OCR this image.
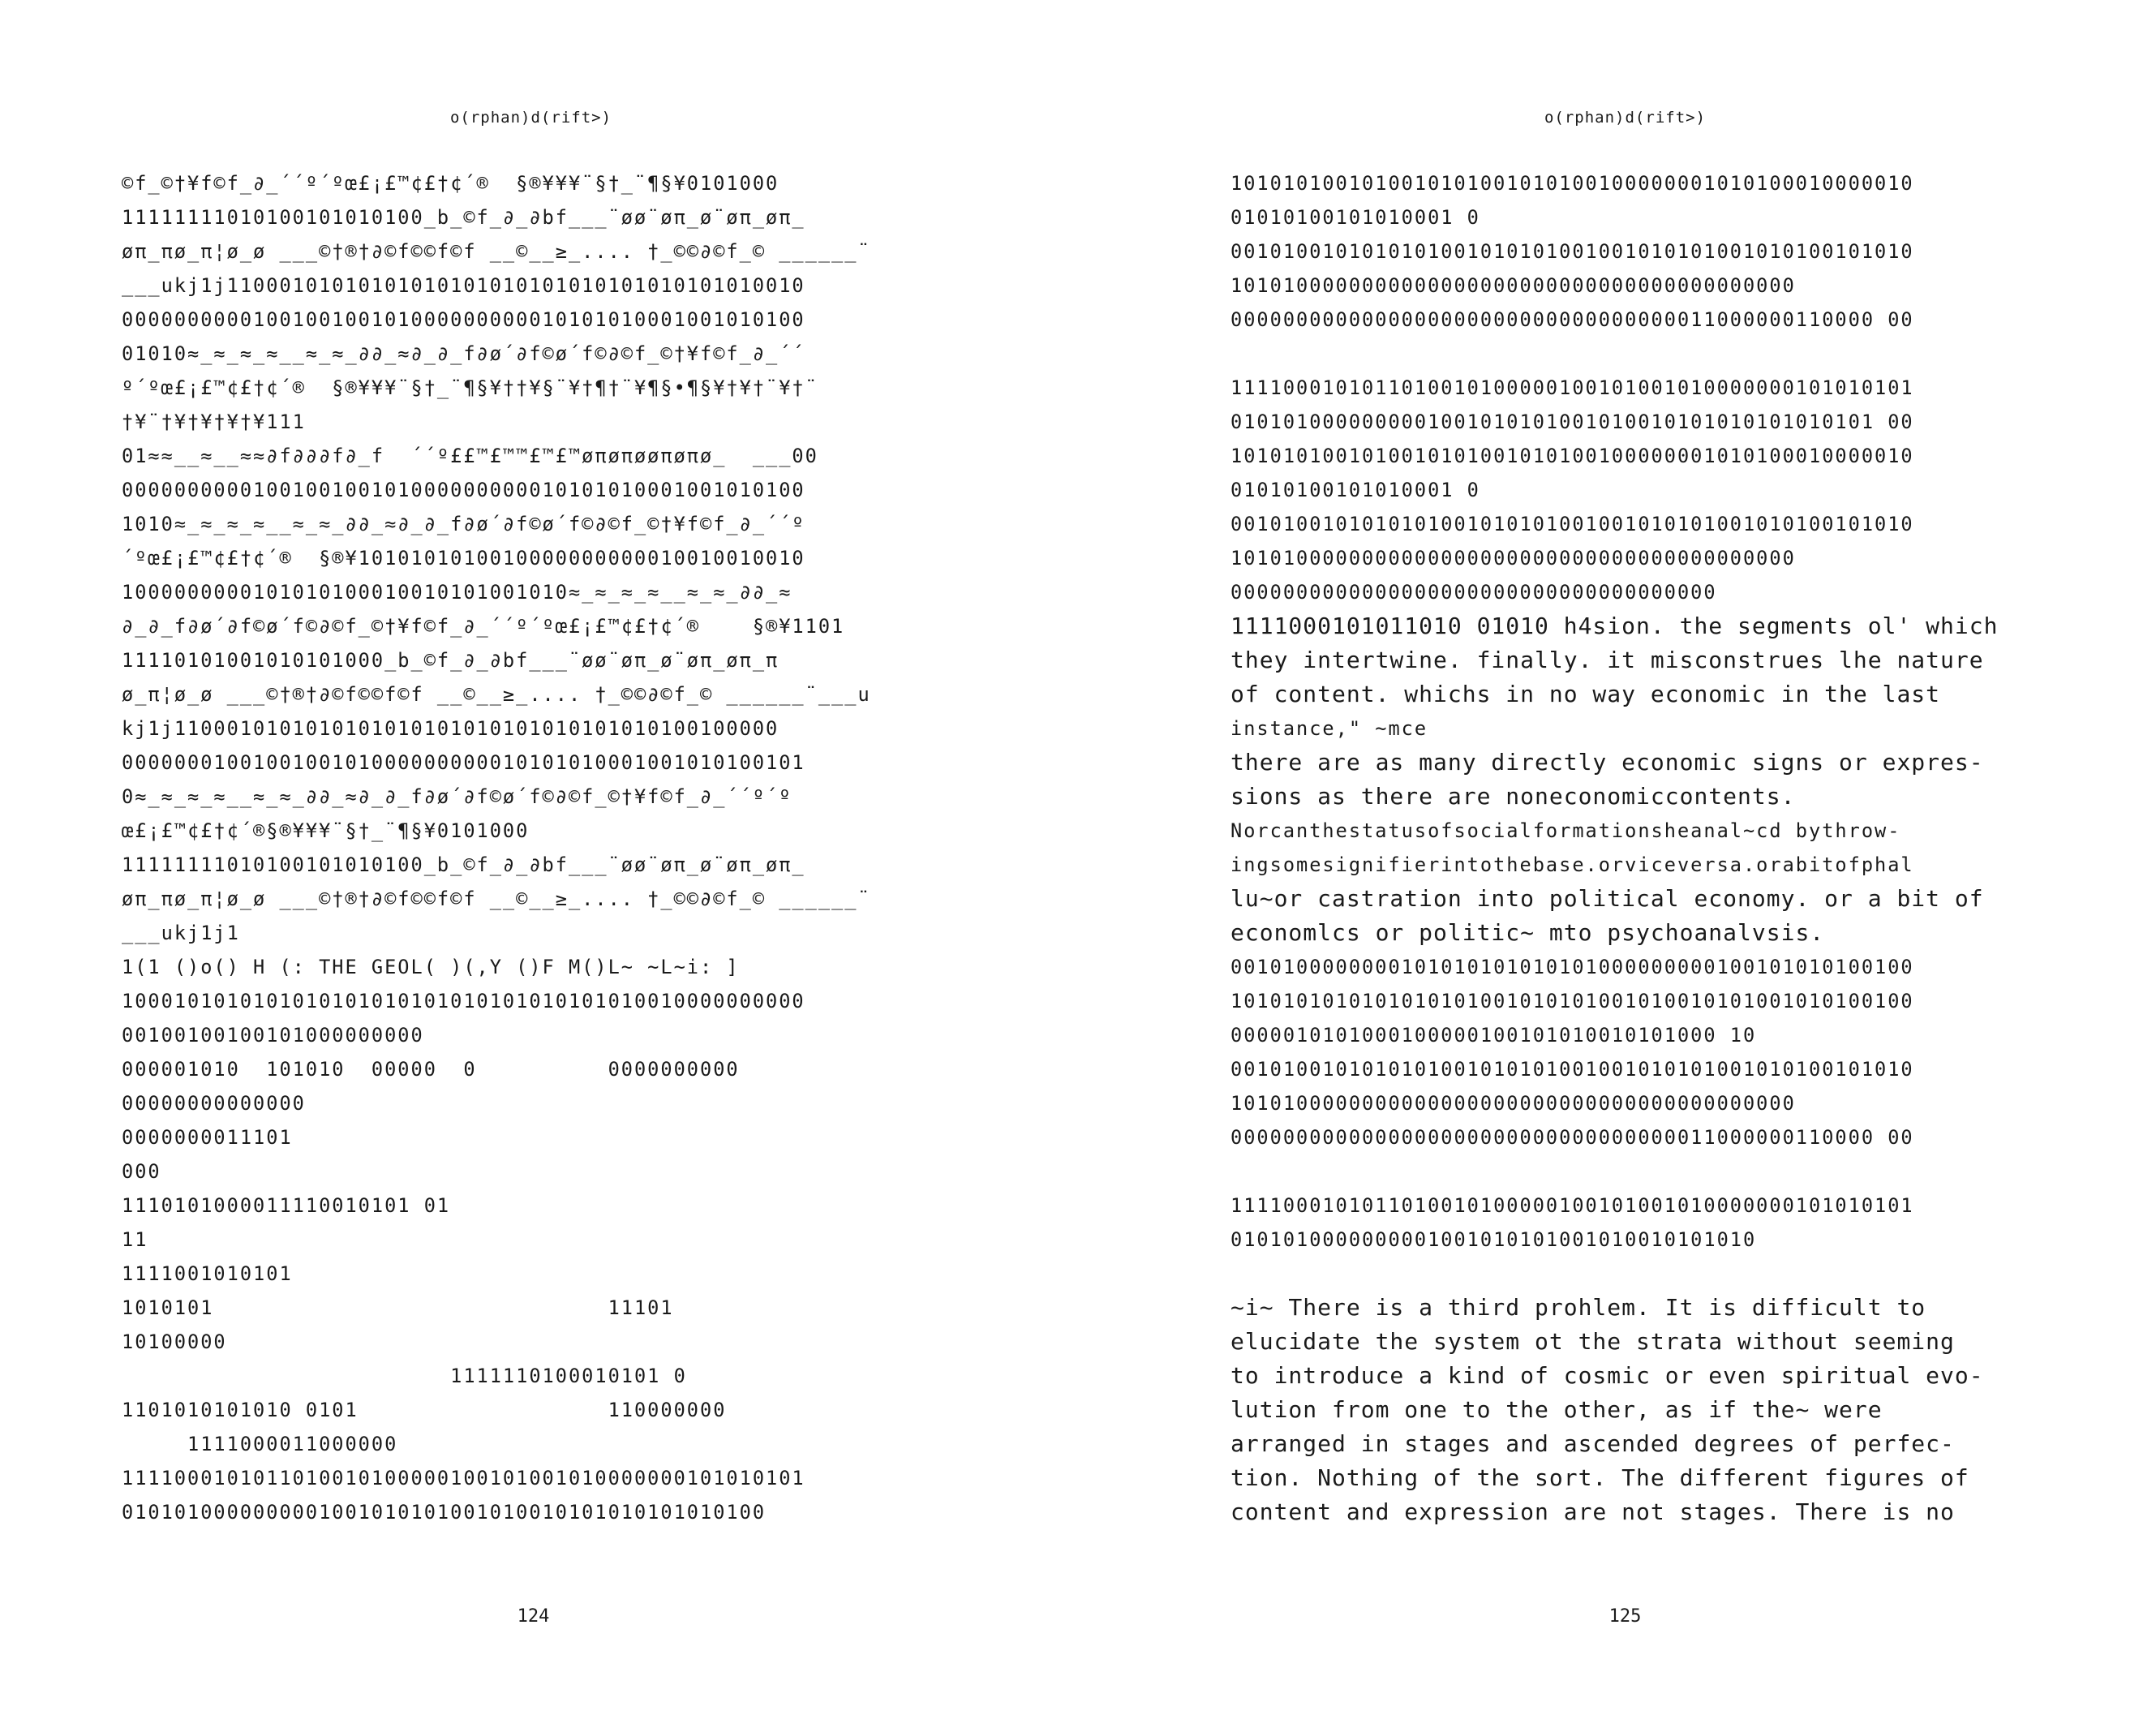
o(rphan)d(rift>)
©f_©†¥f©f_∂_´´º´ºœ£¡£™¢£†¢´®  §®¥¥¥¨§†_¨¶§¥0101000
11111111010100101010100_b_©f_∂_∂bf___¨øø¨øπ_ø¨øπ_øπ_
øπ_πø_π¦ø_ø ___©†®†∂©f©©f©f __©__≥_.... †_©©∂©f_© ______¨
___ukj1j11000101010101010101010101010101010101010010
0000000000100100100101000000000010101010001001010100
01010≈_≈_≈_≈__≈_≈_∂∂_≈∂_∂_f∂ø´∂f©ø´f©∂©f_©†¥f©f_∂_´´
º´ºœ£¡£™¢£†¢´®  §®¥¥¥¨§†_¨¶§¥††¥§¨¥†¶†¨¥¶§•¶§¥†¥†¨¥†¨
†¥¨†¥†¥†¥†¥111
01≈≈__≈__≈≈∂f∂∂∂f∂_f  ´´º££™£™™£™£™øπøπøøπøπø_  ___00
0000000000100100100101000000000010101010001001010100
1010≈_≈_≈_≈__≈_≈_∂∂_≈∂_∂_f∂ø´∂f©ø´f©∂©f_©†¥f©f_∂_´´º
´ºœ£¡£™¢£†¢´®  §®¥1010101010010000000000010010010010
1000000000101010100010010101001010≈_≈_≈_≈__≈_≈_∂∂_≈
∂_∂_f∂ø´∂f©ø´f©∂©f_©†¥f©f_∂_´´º´ºœ£¡£™¢£†¢´®    §®¥1101
11110101001010101000_b_©f_∂_∂bf___¨øø¨øπ_ø¨øπ_øπ_π
ø_π¦ø_ø ___©†®†∂©f©©f©f __©__≥_.... †_©©∂©f_© ______¨___u
kj1j1100010101010101010101010101010101010100100000
0000000100100100101000000000010101010001001010100101
0≈_≈_≈_≈__≈_≈_∂∂_≈∂_∂_f∂ø´∂f©ø´f©∂©f_©†¥f©f_∂_´´º´º
œ£¡£™¢£†¢´®§®¥¥¥¨§†_¨¶§¥0101000
11111111010100101010100_b_©f_∂_∂bf___¨øø¨øπ_ø¨øπ_øπ_
øπ_πø_π¦ø_ø ___©†®†∂©f©©f©f __©__≥_.... †_©©∂©f_© ______¨
___ukj1j1
1(1 ()o() H (: THE GEOL( )(,Y ()F M()L~ ~L~i: ]
1000101010101010101010101010101010101010010000000000
00100100100101000000000
000001010  101010  00000  0          0000000000
00000000000000
0000000011101
000
1110101000011110010101 01
11
1111001010101
1010101                              11101
10100000
1111110100010101 0
1101010101010 0101                   110000000
1111000011000000
1111000101011010010100000100101001010000000101010101
0101010000000001001010101001010010101010101010100
124
o(rphan)d(rift>)
1010101001010010101001010100100000001010100010000010
01010100101010001 0
0010100101010101001010101001001010101001010100101010
1010100000000000000000000000000000000000000
0000000000000000000000000000000000011000000110000 00
1111000101011010010100000100101001010000000101010101
0101010000000001001010101001010010101010101010101 00
1010101001010010101001010100100000001010100010000010
01010100101010001 0
0010100101010101001010101001001010101001010100101010
1010100000000000000000000000000000000000000
0000000000000000000000000000000000000
1111000101011010 01010 h4sion. the segments ol' which
they intertwine. finally. it misconstrues lhe nature
of content. whichs in no way economic in the last
instance," ~mce
there are as many directly economic signs or expres-
sions as there are noneconomiccontents.
Norcanthestatusofsocialformationsheanal~cd bythrow-
ingsomesignifierintothebase.orviceversa.orabitofphal
lu~or castration into political economy. or a bit of
economlcs or politic~ mto psychoanalvsis.
0010100000000101010101010101000000000100101010100100
1010101010101010101001010101001010010101001010100100
0000010101000100000100101010010101000 10
0010100101010101001010101001001010101001010100101010
1010100000000000000000000000000000000000000
0000000000000000000000000000000000011000000110000 00
1111000101011010010100000100101001010000000101010101
0101010000000001001010101001010010101010
~i~ There is a third prohlem. It is difficult to
elucidate the system ot the strata without seeming
to introduce a kind of cosmic or even spiritual evo-
lution from one to the other, as if the~ were
arranged in stages and ascended degrees of perfec-
tion. Nothing of the sort. The different figures of
content and expression are not stages. There is no
125
